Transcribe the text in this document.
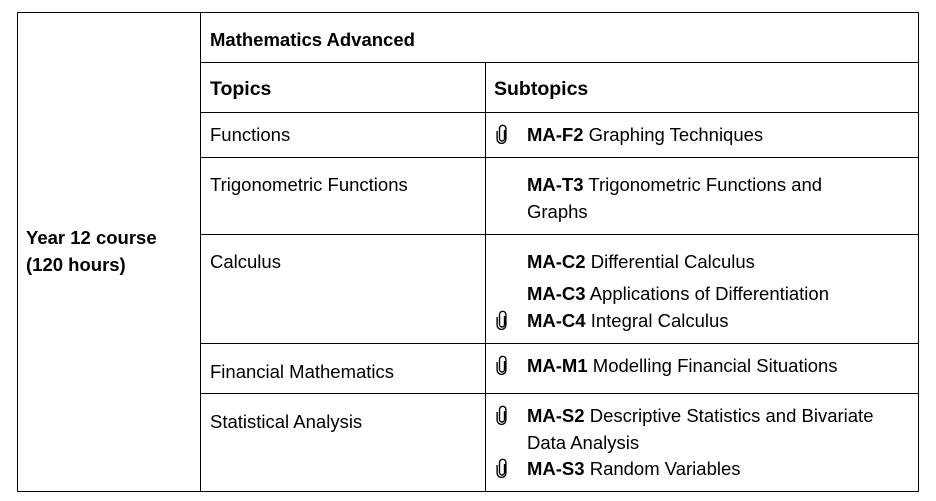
Year 12 course
(120 hours)
Mathematics Advanced
Topics	Subtopics
Functions	MA-F2 Graphing Techniques
Trigonometric Functions	MA-T3 Trigonometric Functions and
Graphs
Calculus	MA-C2 Differential Calculus
MA-C3 Applications of Differentiation
MA-C4 Integral Calculus
Financial Mathematics	MA-M1 Modelling Financial Situations
Statistical Analysis	MA-S2 Descriptive Statistics and Bivariate
Data Analysis
MA-S3 Random Variables
